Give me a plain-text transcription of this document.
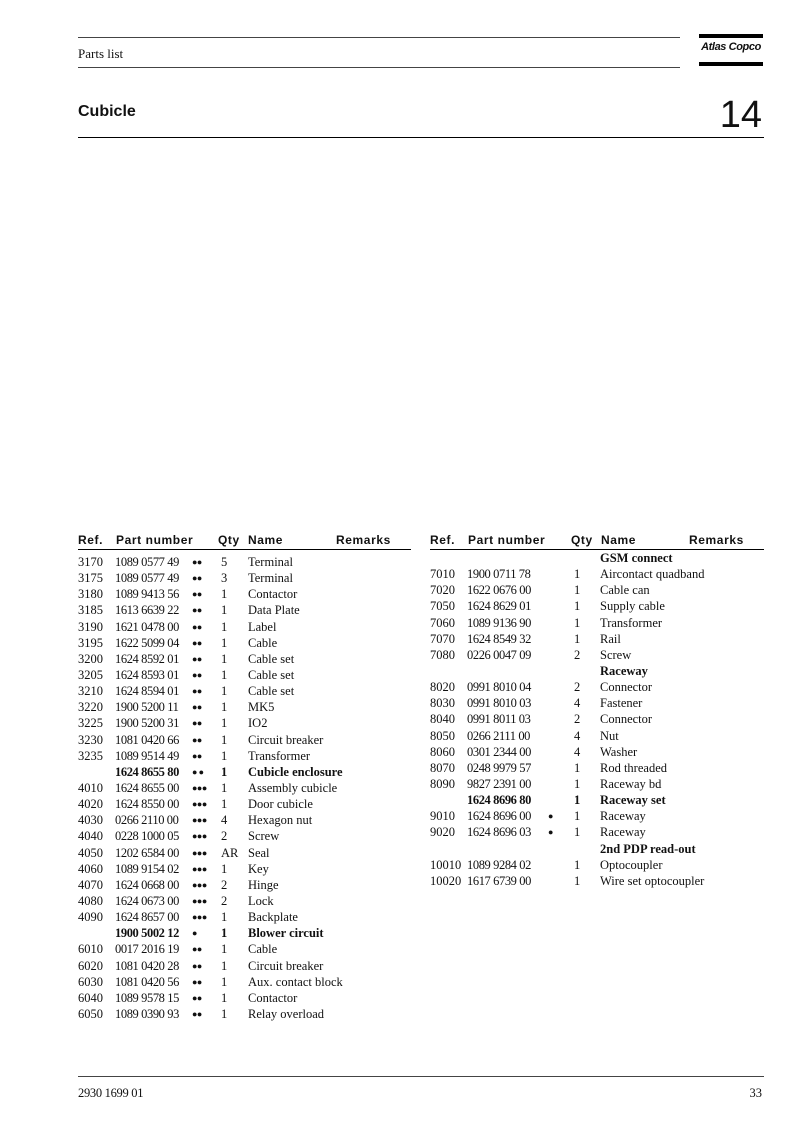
Parts list	Atlas Copco
Cubicle	14
Ref. Part number Qty Name	Remarks
3170 1089 0577 49 ●● 5 Terminal
3175 1089 0577 49 ●● 3 Terminal
3180 1089 9413 56 ●● 1 Contactor
3185 1613 6639 22 ●● 1 Data Plate
3190 1621 0478 00 ●● 1 Label
3195 1622 5099 04 ●● 1 Cable
3200 1624 8592 01 ●● 1 Cable set
3205 1624 8593 01 ●● 1 Cable set
3210 1624 8594 01 ●● 1 Cable set
3220 1900 5200 11 ●● 1 MK5
3225 1900 5200 31 ●● 1 IO2
3230 1081 0420 66 ●● 1 Circuit breaker
3235 1089 9514 49 ●● 1 Transformer
1624 8655 80 ● ● 1 Cubicle enclosure
4010 1624 8655 00 ●●● 1 Assembly cubicle
4020 1624 8550 00 ●●● 1 Door cubicle
4030 0266 2110 00 ●●● 4 Hexagon nut
4040 0228 1000 05 ●●● 2 Screw
4050 1202 6584 00 ●●● AR Seal
4060 1089 9154 02 ●●● 1 Key
4070 1624 0668 00 ●●● 2 Hinge
4080 1624 0673 00 ●●● 2 Lock
4090 1624 8657 00 ●●● 1 Backplate
1900 5002 12 ● 1 Blower circuit
6010 0017 2016 19 ●● 1 Cable
6020 1081 0420 28 ●● 1 Circuit breaker
6030 1081 0420 56 ●● 1 Aux. contact block
6040 1089 9578 15 ●● 1 Contactor
6050 1089 0390 93 ●● 1 Relay overload
Ref. Part number Qty Name	Remarks
GSM connect
7010 1900 0711 78	1 Aircontact quadband
7020 1622 0676 00	1 Cable can
7050 1624 8629 01	1 Supply cable
7060 1089 9136 90	1 Transformer
7070 1624 8549 32	1 Rail
7080 0226 0047 09	2 Screw
Raceway
8020 0991 8010 04	2 Connector
8030 0991 8010 03	4 Fastener
8040 0991 8011 03	2 Connector
8050 0266 2111 00	4 Nut
8060 0301 2344 00	4 Washer
8070 0248 9979 57	1 Rod threaded
8090 9827 2391 00	1 Raceway bd
1624 8696 80	1 Raceway set
9010 1624 8696 00 ● 1 Raceway
9020 1624 8696 03 ● 1 Raceway
2nd PDP read-out
10010 1089 9284 02	1 Optocoupler
10020 1617 6739 00	1 Wire set optocoupler
2930 1699 01	33
